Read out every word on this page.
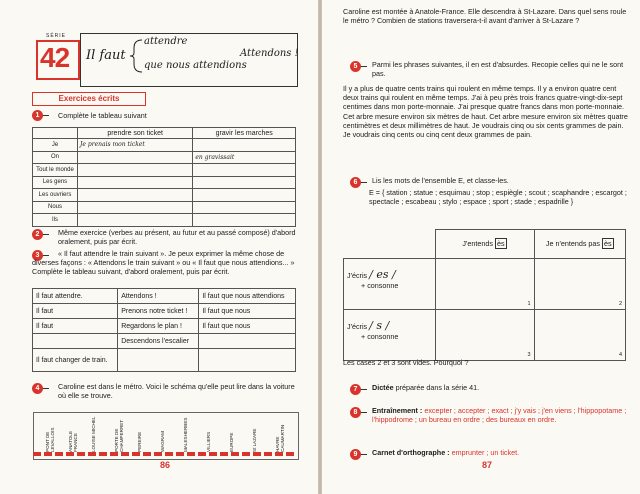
SÉRIE
42 Il faut
attendre
que nous attendions
Attendons !
Exercices écrits
1	Complète le tableau suivant
	prendre son ticket	gravir les marches
Je	Je prenais mon ticket	
On		en gravissait
Tout le monde		
Les gens		
Les ouvriers		
Nous		
Ils		
2	Même exercice (verbes au présent, au futur et au passé composé) d'abord oralement, puis par écrit.
3	« Il faut attendre le train suivant ». Je peux exprimer la même chose de diverses façons : « Attendons le train suivant » ou « Il faut que nous attendions... » Complète le tableau suivant, d'abord oralement, puis par écrit.
Il faut attendre.	Attendons !	Il faut que nous attendions
Il faut	Prenons notre ticket !	Il faut que nous
Il faut	Regardons le plan !	Il faut que nous
	Descendons l'escalier	
Il faut changer de train.		
4	Caroline est dans le métro. Voici le schéma qu'elle peut lire dans la voiture où elle se trouve.
PONT DE LEVALLOIS	ANATOLE FRANCE	LOUISE MICHEL	PORTE DE CHAMPERRET	PEREIRE	WAGRAM	MALESHERBES	VILLIERS	EUROPE	St LAZARE	HAVRE CAUMARTIN
86
Caroline est montée à Anatole-France. Elle descendra à St-Lazare. Dans quel sens roule le métro ? Combien de stations traversera-t-il avant d'arriver à St-Lazare ?
5	Parmi les phrases suivantes, il en est d'absurdes. Recopie celles qui ne le sont pas.
Il y a plus de quatre cents trains qui roulent en même temps. Il y a environ quatre cent deux trains qui roulent en même temps. J'ai à peu près trois francs quatre-vingt-dix-sept centimes dans mon porte-monnaie. J'ai presque quatre francs dans mon porte-monnaie. Cet arbre mesure environ six mètres de haut. Cet arbre mesure environ six mètres quatre centimètres et deux millimètres de haut. Je voudrais cinq ou six cents grammes de pain. Je voudrais cinq cents ou cinq cent deux grammes de pain.
6	Lis les mots de l'ensemble E, et classe-les.
E = { station ; statue ; esquimau ; stop ; espiègle ; scout ; scaphandre ; escargot ; spectacle ; escabeau ; stylo ; espace ; sport ; stade ; espadrille }
	J'entends ès	Je n'entends pas ès

J'écris / es /
+ consonne	1	2

J'écris / s /
+ consonne	3	4
Les cases 2 et 3 sont vides. Pourquoi ?
7	Dictée préparée dans la série 41.
8	Entraînement : excepter ; accepter ; exact ; j'y vais ; j'en viens ; l'hippopotame ; l'hippodrome ; un bureau en ordre ; des bureaux en ordre.
9	Carnet d'orthographe : emprunter ; un ticket.
87
